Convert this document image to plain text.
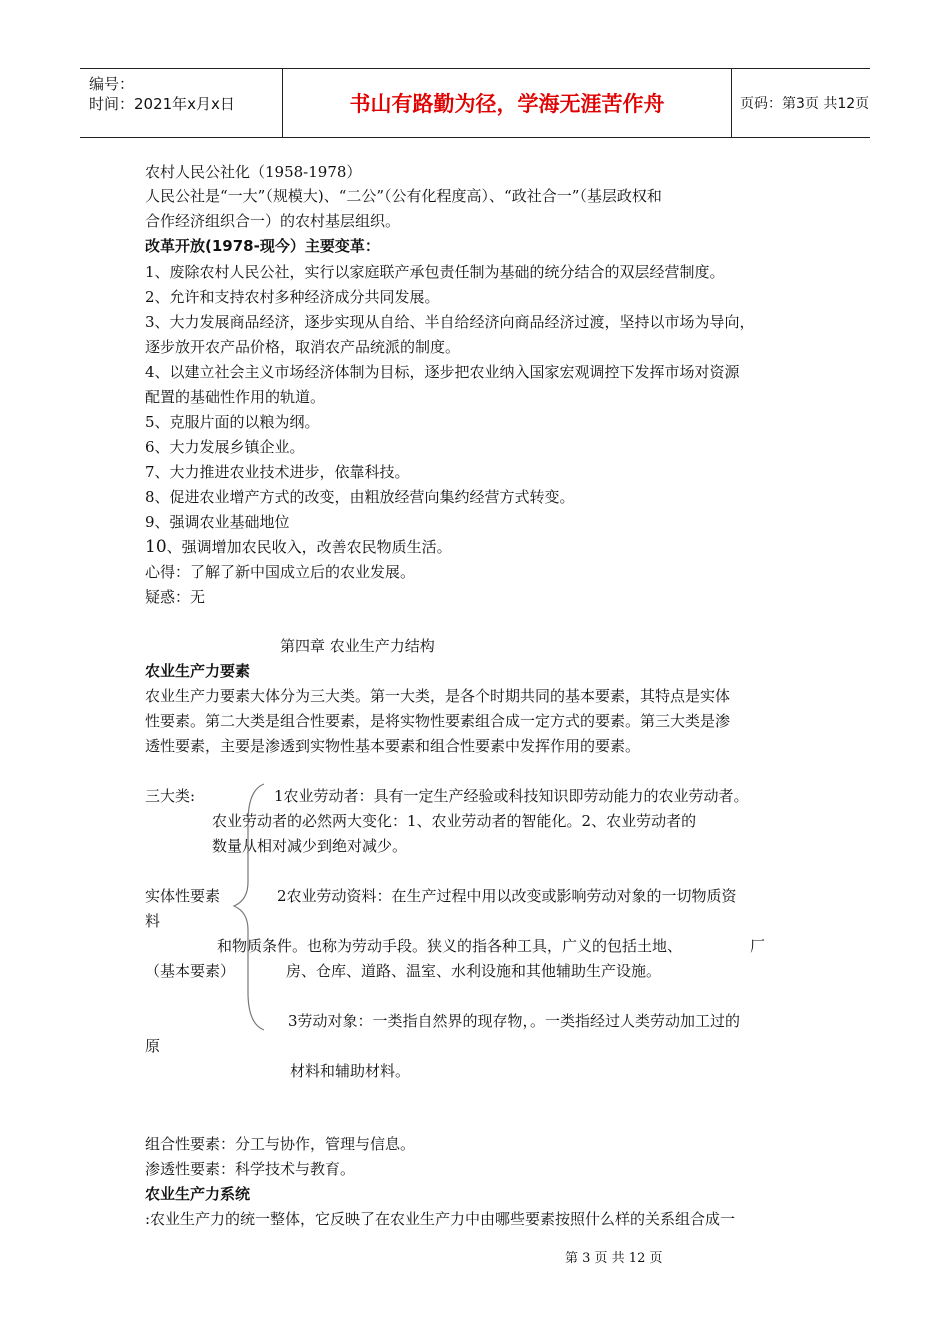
编号：
时间：2021年x月x日	书山有路勤为径，学海无涯苦作舟	页码：第3页 共12页
农村人民公社化（1958-1978）
人民公社是“一大”（规模大)、“二公”（公有化程度高）、“政社合一”（基层政权和
合作经济组织合一）的农村基层组织。
改革开放(1978-现今）主要变革：
1、废除农村人民公社，实行以家庭联产承包责任制为基础的统分结合的双层经营制度。
2、允许和支持农村多种经济成分共同发展。
3、大力发展商品经济，逐步实现从自给、半自给经济向商品经济过渡，坚持以市场为导向，
逐步放开农产品价格，取消农产品统派的制度。
4、以建立社会主义市场经济体制为目标，逐步把农业纳入国家宏观调控下发挥市场对资源
配置的基础性作用的轨道。
5、克服片面的以粮为纲。
6、大力发展乡镇企业。
7、大力推进农业技术进步，依靠科技。
8、促进农业增产方式的改变，由粗放经营向集约经营方式转变。
9、强调农业基础地位
10、强调增加农民收入，改善农民物质生活。
心得：了解了新中国成立后的农业发展。
疑惑：无
第四章 农业生产力结构
农业生产力要素
农业生产力要素大体分为三大类。第一大类，是各个时期共同的基本要素，其特点是实体
性要素。第二大类是组合性要素，是将实物性要素组合成一定方式的要素。第三大类是渗
透性要素，主要是渗透到实物性基本要素和组合性要素中发挥作用的要素。
三大类:	1农业劳动者：具有一定生产经验或科技知识即劳动能力的农业劳动者。
农业劳动者的必然两大变化：1、农业劳动者的智能化。2、农业劳动者的
数量从相对减少到绝对减少。
实体性要素	2农业劳动资料：在生产过程中用以改变或影响劳动对象的一切物质资
料
和物质条件。也称为劳动手段。狭义的指各种工具，广义的包括土地、	厂
（基本要素）	房、仓库、道路、温室、水利设施和其他辅助生产设施。
3劳动对象：一类指自然界的现存物，。一类指经过人类劳动加工过的
原
材料和辅助材料。
组合性要素：分工与协作，管理与信息。
渗透性要素：科学技术与教育。
农业生产力系统
:农业生产力的统一整体，它反映了在农业生产力中由哪些要素按照什么样的关系组合成一
第 3 页 共 12 页
